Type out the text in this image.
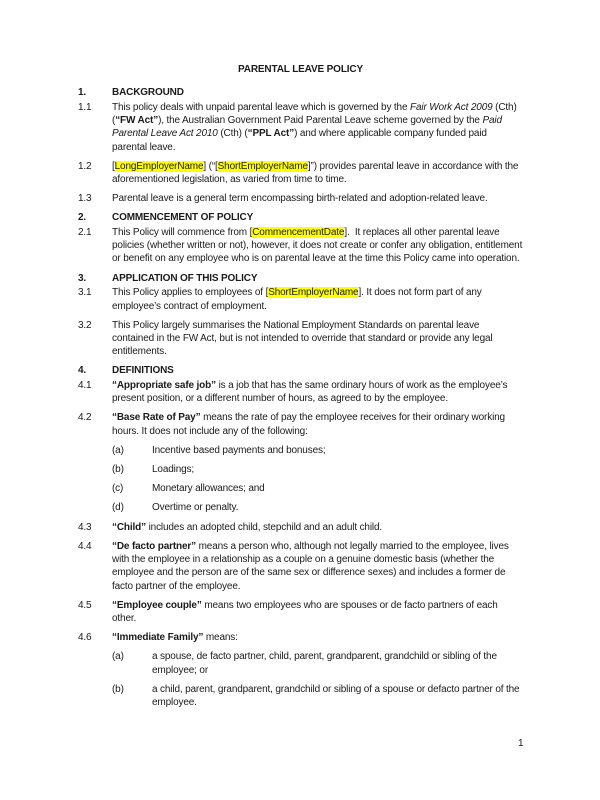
PARENTAL LEAVE POLICY
1.	BACKGROUND
1.1	This policy deals with unpaid parental leave which is governed by the Fair Work Act 2009 (Cth) (“FW Act”), the Australian Government Paid Parental Leave scheme governed by the Paid Parental Leave Act 2010 (Cth) (“PPL Act”) and where applicable company funded paid parental leave.
1.2	[LongEmployerName] (“[ShortEmployerName]”) provides parental leave in accordance with the aforementioned legislation, as varied from time to time.
1.3	Parental leave is a general term encompassing birth-related and adoption-related leave.
2.	COMMENCEMENT OF POLICY
2.1	This Policy will commence from [CommencementDate].  It replaces all other parental leave policies (whether written or not), however, it does not create or confer any obligation, entitlement or benefit on any employee who is on parental leave at the time this Policy came into operation.
3.	APPLICATION OF THIS POLICY
3.1	This Policy applies to employees of [ShortEmployerName]. It does not form part of any employee’s contract of employment.
3.2	This Policy largely summarises the National Employment Standards on parental leave contained in the FW Act, but is not intended to override that standard or provide any legal entitlements.
4.	DEFINITIONS
4.1	“Appropriate safe job” is a job that has the same ordinary hours of work as the employee’s present position, or a different number of hours, as agreed to by the employee.
4.2	“Base Rate of Pay” means the rate of pay the employee receives for their ordinary working hours. It does not include any of the following:
(a)	Incentive based payments and bonuses;
(b)	Loadings;
(c)	Monetary allowances; and
(d)	Overtime or penalty.
4.3	“Child” includes an adopted child, stepchild and an adult child.
4.4	“De facto partner” means a person who, although not legally married to the employee, lives with the employee in a relationship as a couple on a genuine domestic basis (whether the employee and the person are of the same sex or difference sexes) and includes a former de facto partner of the employee.
4.5	“Employee couple” means two employees who are spouses or de facto partners of each other.
4.6	“Immediate Family” means:
(a)	a spouse, de facto partner, child, parent, grandparent, grandchild or sibling of the employee; or
(b)	a child, parent, grandparent, grandchild or sibling of a spouse or defacto partner of the employee.
1
